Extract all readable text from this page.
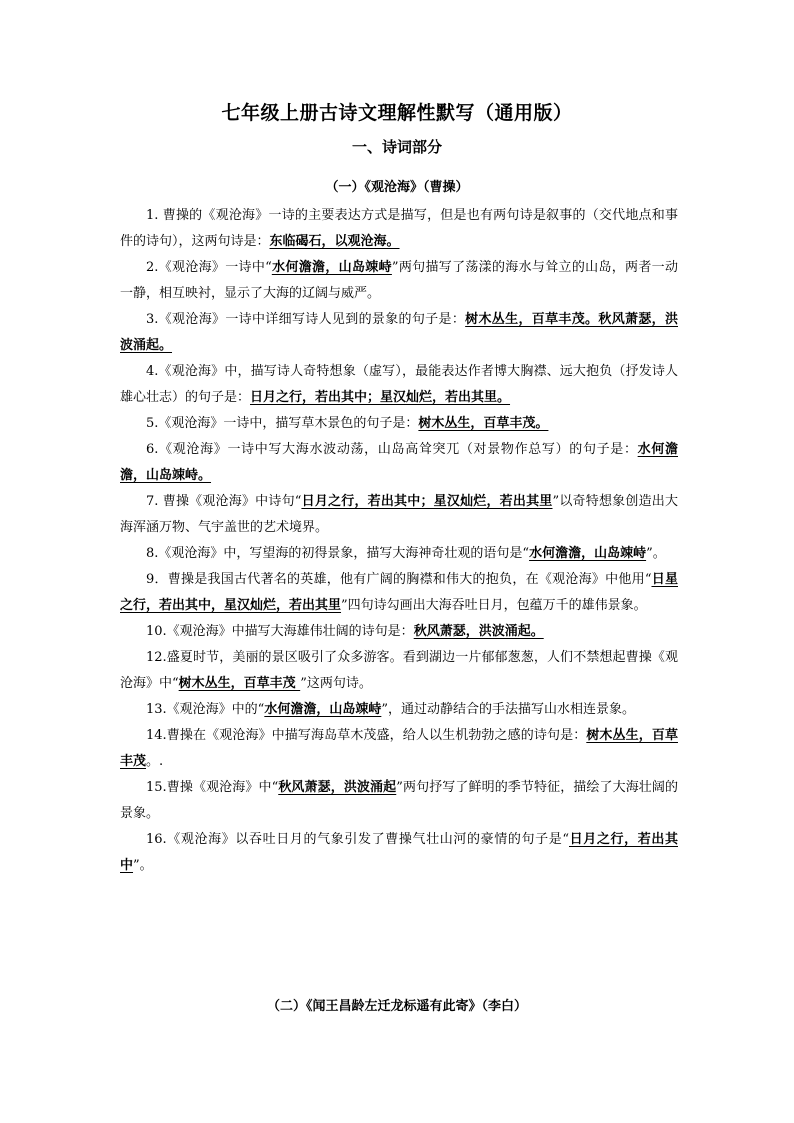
七年级上册古诗文理解性默写（通用版）
一、诗词部分
（一）《观沧海》（曹操）

1. 曹操的《观沧海》一诗的主要表达方式是描写，但是也有两句诗是叙事的（交代地点和事件的诗句），这两句诗是：东临碣石，以观沧海。

2.《观沧海》一诗中“水何澹澹，山岛竦峙”两句描写了荡漾的海水与耸立的山岛，两者一动一静，相互映衬，显示了大海的辽阔与威严。

3.《观沧海》一诗中详细写诗人见到的景象的句子是：树木丛生，百草丰茂。秋风萧瑟，洪波涌起。

4.《观沧海》中，描写诗人奇特想象（虚写），最能表达作者博大胸襟、远大抱负（抒发诗人雄心壮志）的句子是：日月之行，若出其中；星汉灿烂，若出其里。

5.《观沧海》一诗中，描写草木景色的句子是：树木丛生，百草丰茂。

6.《观沧海》一诗中写大海水波动荡，山岛高耸突兀（对景物作总写）的句子是：水何澹澹，山岛竦峙。

7. 曹操《观沧海》中诗句“日月之行，若出其中；星汉灿烂，若出其里”以奇特想象创造出大海浑涵万物、气宇盖世的艺术境界。

8.《观沧海》中，写望海的初得景象，描写大海神奇壮观的语句是“水何澹澹，山岛竦峙”。

9．曹操是我国古代著名的英雄，他有广阔的胸襟和伟大的抱负，在《观沧海》中他用“日星之行，若出其中，星汉灿烂，若出其里”四句诗勾画出大海吞吐日月，包蕴万千的雄伟景象。

10.《观沧海》中描写大海雄伟壮阔的诗句是：秋风萧瑟，洪波涌起。

12.盛夏时节，美丽的景区吸引了众多游客。看到湖边一片郁郁葱葱，人们不禁想起曹操《观沧海》中“树木丛生，百草丰茂 ”这两句诗。

13.《观沧海》中的“水何澹澹，山岛竦峙”，通过动静结合的手法描写山水相连景象。

14.曹操在《观沧海》中描写海岛草木茂盛，给人以生机勃勃之感的诗句是：树木丛生，百草丰茂。.

15.曹操《观沧海》中“秋风萧瑟，洪波涌起”两句抒写了鲜明的季节特征，描绘了大海壮阔的景象。

16.《观沧海》以吞吐日月的气象引发了曹操气壮山河的豪情的句子是“日月之行，若出其中”。

（二）《闻王昌龄左迁龙标遥有此寄》（李白）
